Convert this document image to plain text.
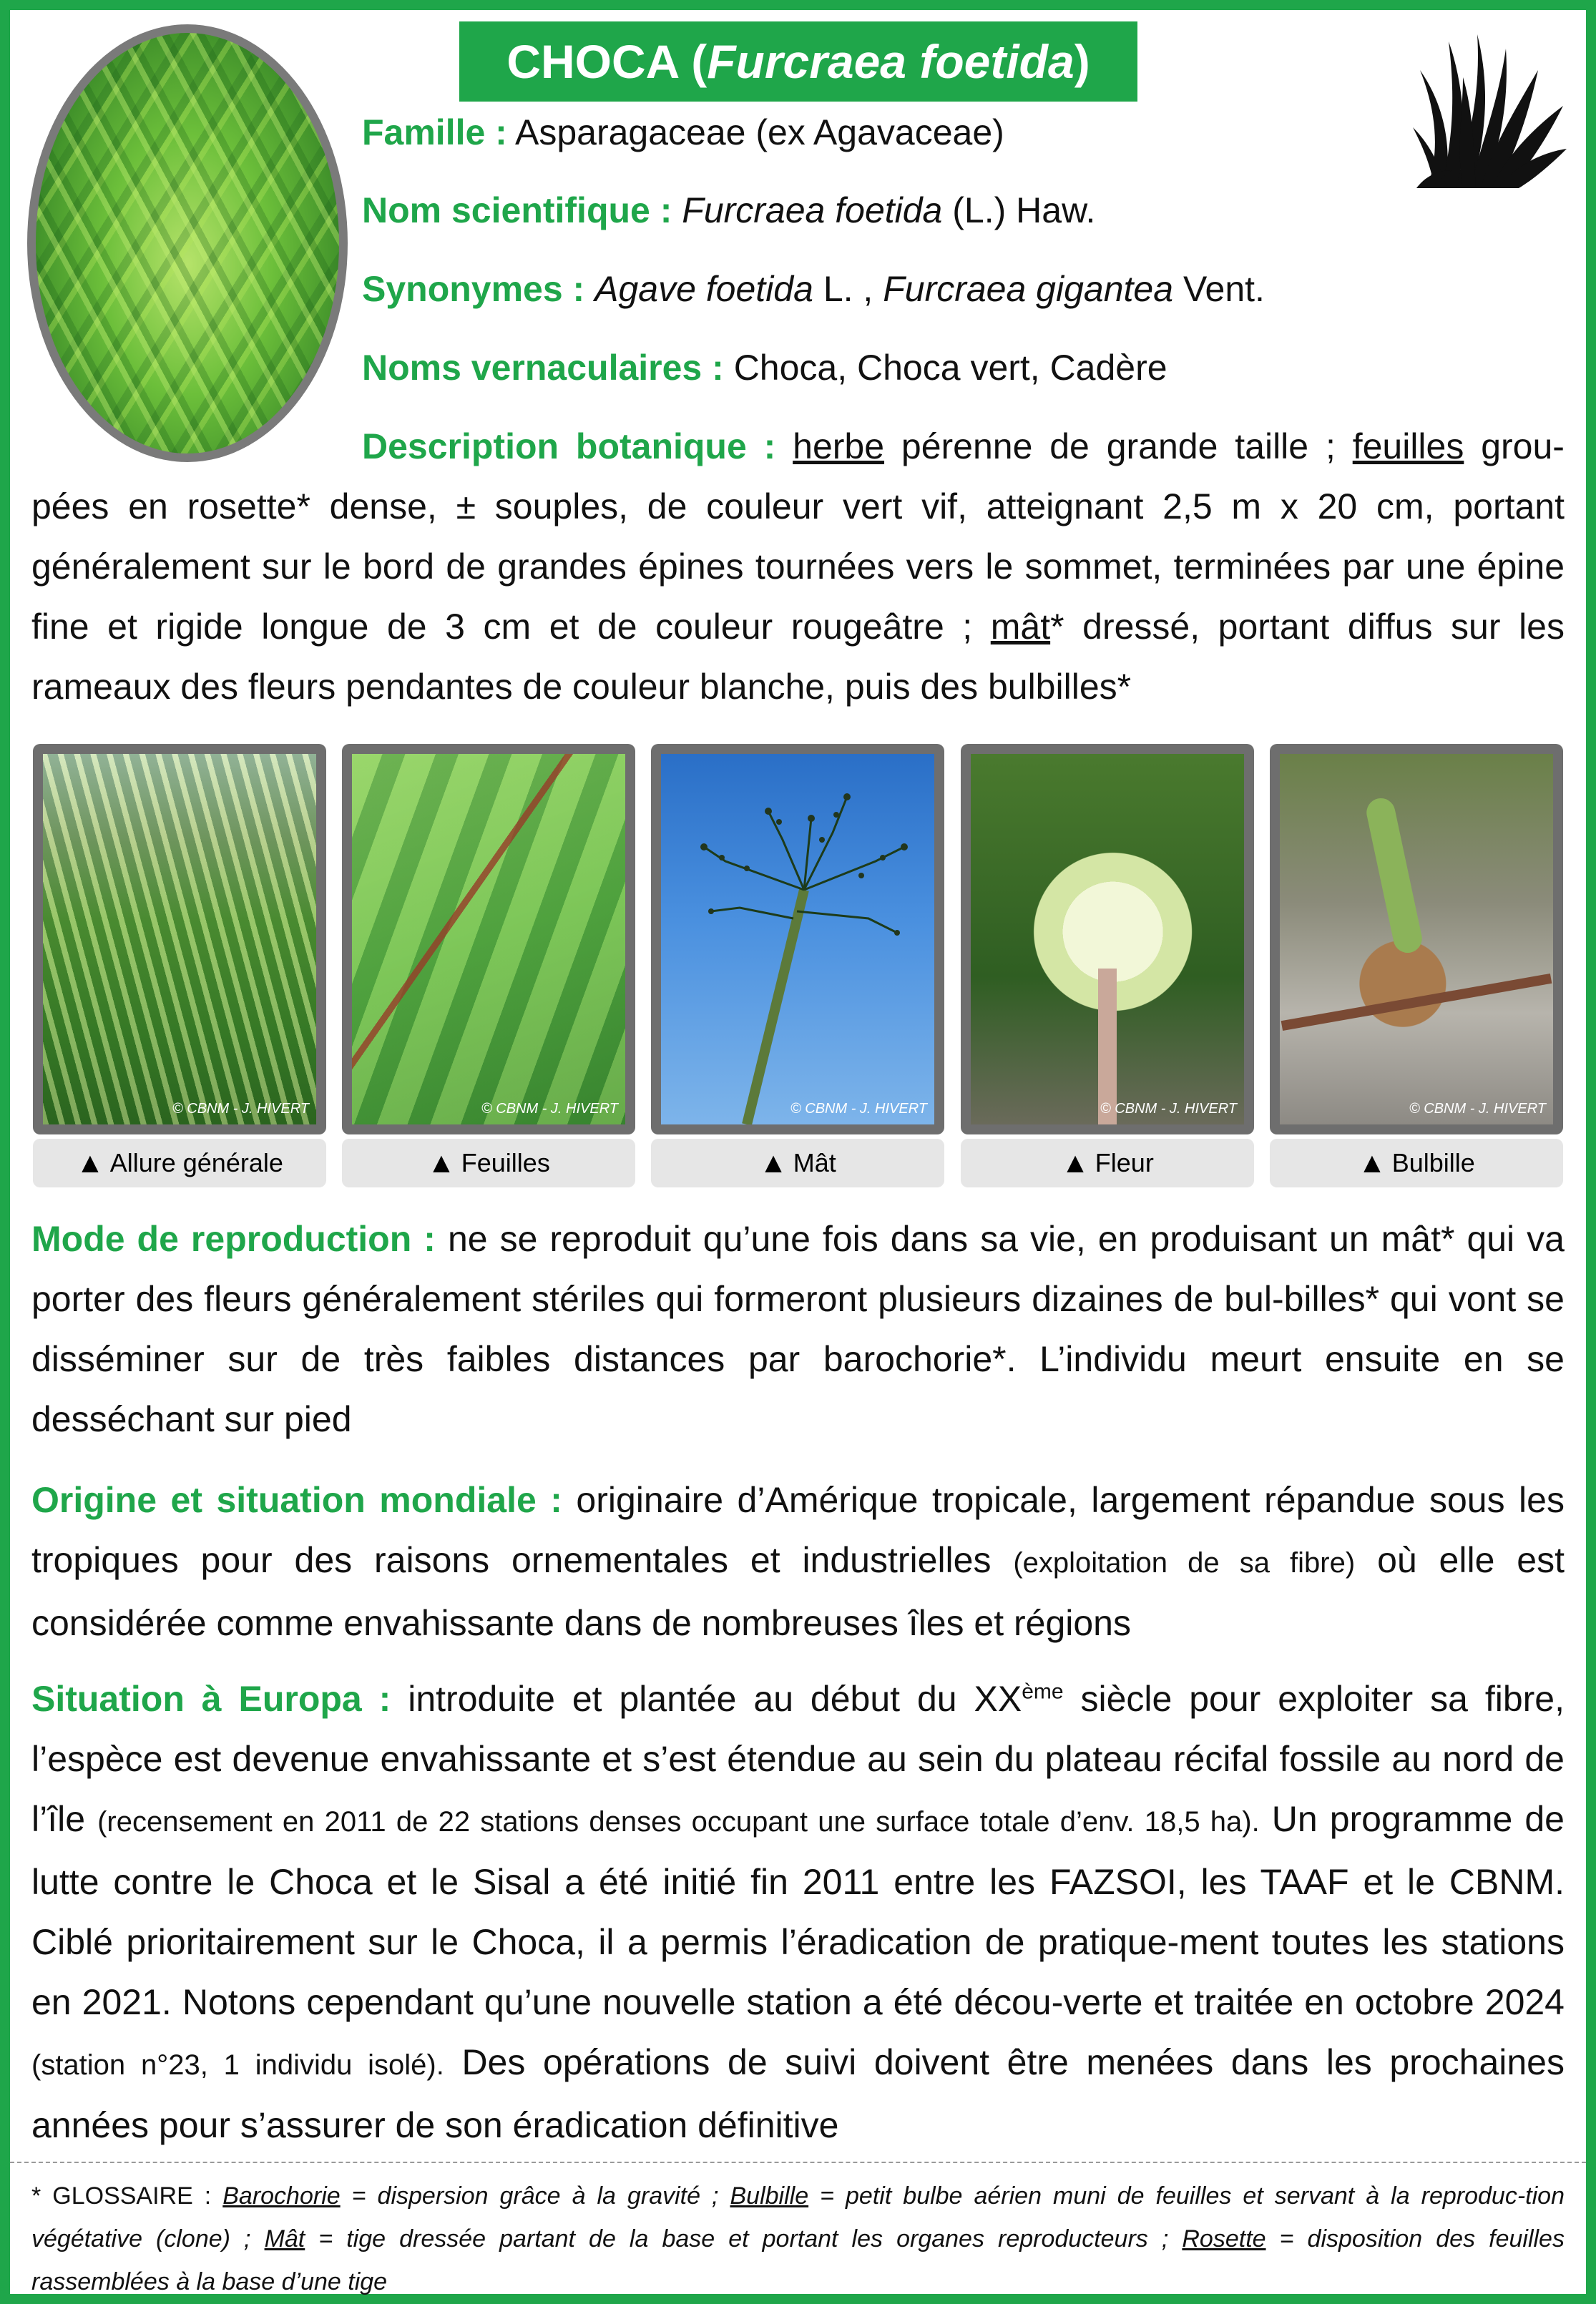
CHOCA ( Furcraea foetida )
Famille : Asparagaceae (ex Agavaceae)
Nom scientifique : Furcraea foetida (L.) Haw.
Synonymes : Agave foetida L. , Furcraea gigantea Vent.
Noms vernaculaires : Choca, Choca vert, Cadère
Description botanique : herbe pérenne de grande taille ; feuilles grou-pées en rosette* dense, ± souples, de couleur vert vif, atteignant 2,5 m x 20 cm, portant généralement sur le bord de grandes épines tournées vers le sommet, terminées par une épine fine et rigide longue de 3 cm et de couleur rougeâtre ; mât* dressé, portant diffus sur les rameaux des fleurs pendantes de couleur blanche, puis des bulbilles*
© CBNM - J. HIVERT
▲ Allure générale
© CBNM - J. HIVERT
▲ Feuilles
© CBNM - J. HIVERT
▲ Mât
© CBNM - J. HIVERT
▲ Fleur
© CBNM - J. HIVERT
▲ Bulbille
Mode de reproduction : ne se reproduit qu’une fois dans sa vie, en produisant un mât* qui va porter des fleurs généralement stériles qui formeront plusieurs dizaines de bul-billes* qui vont se disséminer sur de très faibles distances par barochorie*. L’individu meurt ensuite en se desséchant sur pied
Origine et situation mondiale : originaire d’Amérique tropicale, largement répandue sous les tropiques pour des raisons ornementales et industrielles (exploitation de sa fibre) où elle est considérée comme envahissante dans de nombreuses îles et régions
Situation à Europa : introduite et plantée au début du XXème siècle pour exploiter sa fibre, l’espèce est devenue envahissante et s’est étendue au sein du plateau récifal fossile au nord de l’île (recensement en 2011 de 22 stations denses occupant une surface totale d’env. 18,5 ha). Un programme de lutte contre le Choca et le Sisal a été initié fin 2011 entre les FAZSOI, les TAAF et le CBNM. Ciblé prioritairement sur le Choca, il a permis l’éradication de pratique-ment toutes les stations en 2021. Notons cependant qu’une nouvelle station a été décou-verte et traitée en octobre 2024 (station n°23, 1 individu isolé). Des opérations de suivi doivent être menées dans les prochaines années pour s’assurer de son éradication définitive
* GLOSSAIRE : Barochorie = dispersion grâce à la gravité ; Bulbille = petit bulbe aérien muni de feuilles et servant à la reproduc-tion végétative (clone) ; Mât = tige dressée partant de la base et portant les organes reproducteurs ; Rosette = disposition des feuilles rassemblées à la base d’une tige
